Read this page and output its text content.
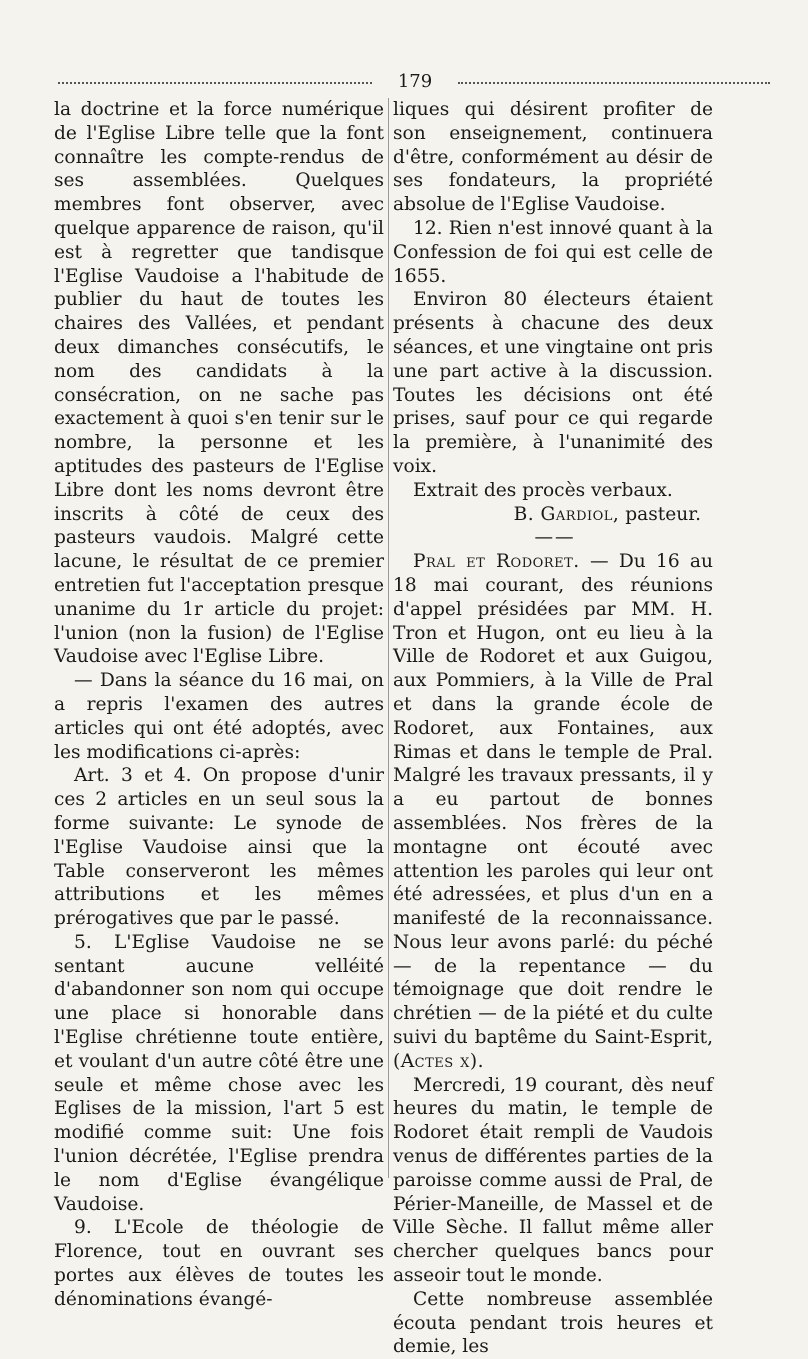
179

la doctrine et la force numérique de l'Eglise Libre telle que la font connaître les compte-rendus de ses assemblées. Quelques membres font observer, avec quelque apparence de raison, qu'il est à regretter que tandisque l'Eglise Vaudoise a l'habitude de publier du haut de toutes les chaires des Vallées, et pendant deux dimanches consécutifs, le nom des candidats à la consécration, on ne sache pas exactement à quoi s'en tenir sur le nombre, la personne et les aptitudes des pasteurs de l'Eglise Libre dont les noms devront être inscrits à côté de ceux des pasteurs vaudois. Malgré cette lacune, le résultat de ce premier entretien fut l'acceptation presque unanime du 1r article du projet: l'union (non la fusion) de l'Eglise Vaudoise avec l'Eglise Libre.

— Dans la séance du 16 mai, on a repris l'examen des autres articles qui ont été adoptés, avec les modifications ci-après:

Art. 3 et 4. On propose d'unir ces 2 articles en un seul sous la forme suivante: Le synode de l'Eglise Vaudoise ainsi que la Table conserveront les mêmes attributions et les mêmes prérogatives que par le passé.

5. L'Eglise Vaudoise ne se sentant aucune velléité d'abandonner son nom qui occupe une place si honorable dans l'Eglise chrétienne toute entière, et voulant d'un autre côté être une seule et même chose avec les Eglises de la mission, l'art 5 est modifié comme suit: Une fois l'union décrétée, l'Eglise prendra le nom d'Eglise évangélique Vaudoise.

9. L'Ecole de théologie de Florence, tout en ouvrant ses portes aux élèves de toutes les dénominations évangé-

liques qui désirent profiter de son enseignement, continuera d'être, conformément au désir de ses fondateurs, la propriété absolue de l'Eglise Vaudoise.

12. Rien n'est innové quant à la Confession de foi qui est celle de 1655.

Environ 80 électeurs étaient présents à chacune des deux séances, et une vingtaine ont pris une part active à la discussion. Toutes les décisions ont été prises, sauf pour ce qui regarde la première, à l'unanimité des voix.

Extrait des procès verbaux.

B. Gardiol, pasteur.

— —

Pral et Rodoret. — Du 16 au 18 mai courant, des réunions d'appel présidées par MM. H. Tron et Hugon, ont eu lieu à la Ville de Rodoret et aux Guigou, aux Pommiers, à la Ville de Pral et dans la grande école de Rodoret, aux Fontaines, aux Rimas et dans le temple de Pral. Malgré les travaux pressants, il y a eu partout de bonnes assemblées. Nos frères de la montagne ont écouté avec attention les paroles qui leur ont été adressées, et plus d'un en a manifesté de la reconnaissance. Nous leur avons parlé: du péché — de la repentance — du témoignage que doit rendre le chrétien — de la piété et du culte suivi du baptême du Saint-Esprit, (Actes x).

Mercredi, 19 courant, dès neuf heures du matin, le temple de Rodoret était rempli de Vaudois venus de différentes parties de la paroisse comme aussi de Pral, de Périer-Maneille, de Massel et de Ville Sèche. Il fallut même aller chercher quelques bancs pour asseoir tout le monde.

Cette nombreuse assemblée écouta pendant trois heures et demie, les
